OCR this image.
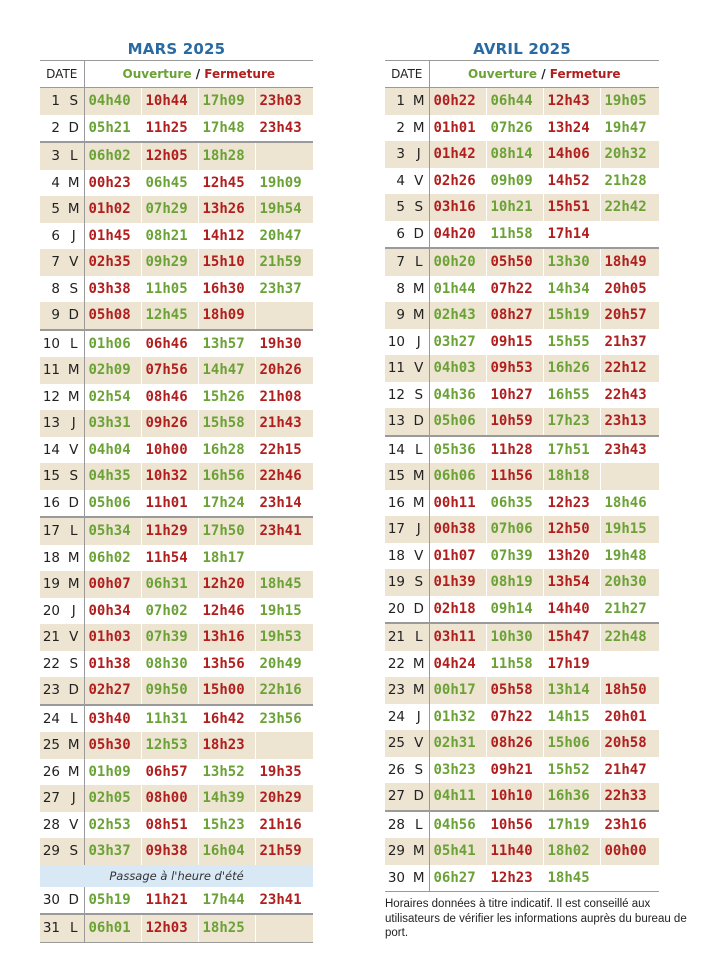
MARS 2025
DATE		Ouverture / Fermeture			
1	S	04h40	10h44	17h09	23h03
2	D	05h21	11h25	17h48	23h43
3	L	06h02	12h05	18h28	
4	M	00h23	06h45	12h45	19h09
5	M	01h02	07h29	13h26	19h54
6	J	01h45	08h21	14h12	20h47
7	V	02h35	09h29	15h10	21h59
8	S	03h38	11h05	16h30	23h37
9	D	05h08	12h45	18h09	
10	L	01h06	06h46	13h57	19h30
11	M	02h09	07h56	14h47	20h26
12	M	02h54	08h46	15h26	21h08
13	J	03h31	09h26	15h58	21h43
14	V	04h04	10h00	16h28	22h15
15	S	04h35	10h32	16h56	22h46
16	D	05h06	11h01	17h24	23h14
17	L	05h34	11h29	17h50	23h41
18	M	06h02	11h54	18h17	
19	M	00h07	06h31	12h20	18h45
20	J	00h34	07h02	12h46	19h15
21	V	01h03	07h39	13h16	19h53
22	S	01h38	08h30	13h56	20h49
23	D	02h27	09h50	15h00	22h16
24	L	03h40	11h31	16h42	23h56
25	M	05h30	12h53	18h23	
26	M	01h09	06h57	13h52	19h35
27	J	02h05	08h00	14h39	20h29
28	V	02h53	08h51	15h23	21h16
29	S	03h37	09h38	16h04	21h59
Passage à l'heure d'été					
30	D	05h19	11h21	17h44	23h41
31	L	06h01	12h03	18h25	
AVRIL 2025
DATE		Ouverture / Fermeture			
1	M	00h22	06h44	12h43	19h05
2	M	01h01	07h26	13h24	19h47
3	J	01h42	08h14	14h06	20h32
4	V	02h26	09h09	14h52	21h28
5	S	03h16	10h21	15h51	22h42
6	D	04h20	11h58	17h14	
7	L	00h20	05h50	13h30	18h49
8	M	01h44	07h22	14h34	20h05
9	M	02h43	08h27	15h19	20h57
10	J	03h27	09h15	15h55	21h37
11	V	04h03	09h53	16h26	22h12
12	S	04h36	10h27	16h55	22h43
13	D	05h06	10h59	17h23	23h13
14	L	05h36	11h28	17h51	23h43
15	M	06h06	11h56	18h18	
16	M	00h11	06h35	12h23	18h46
17	J	00h38	07h06	12h50	19h15
18	V	01h07	07h39	13h20	19h48
19	S	01h39	08h19	13h54	20h30
20	D	02h18	09h14	14h40	21h27
21	L	03h11	10h30	15h47	22h48
22	M	04h24	11h58	17h19	
23	M	00h17	05h58	13h14	18h50
24	J	01h32	07h22	14h15	20h01
25	V	02h31	08h26	15h06	20h58
26	S	03h23	09h21	15h52	21h47
27	D	04h11	10h10	16h36	22h33
28	L	04h56	10h56	17h19	23h16
29	M	05h41	11h40	18h02	00h00
30	M	06h27	12h23	18h45	
Horaires données à titre indicatif. Il est conseillé aux utilisateurs de vérifier les informations auprès du bureau de port.
